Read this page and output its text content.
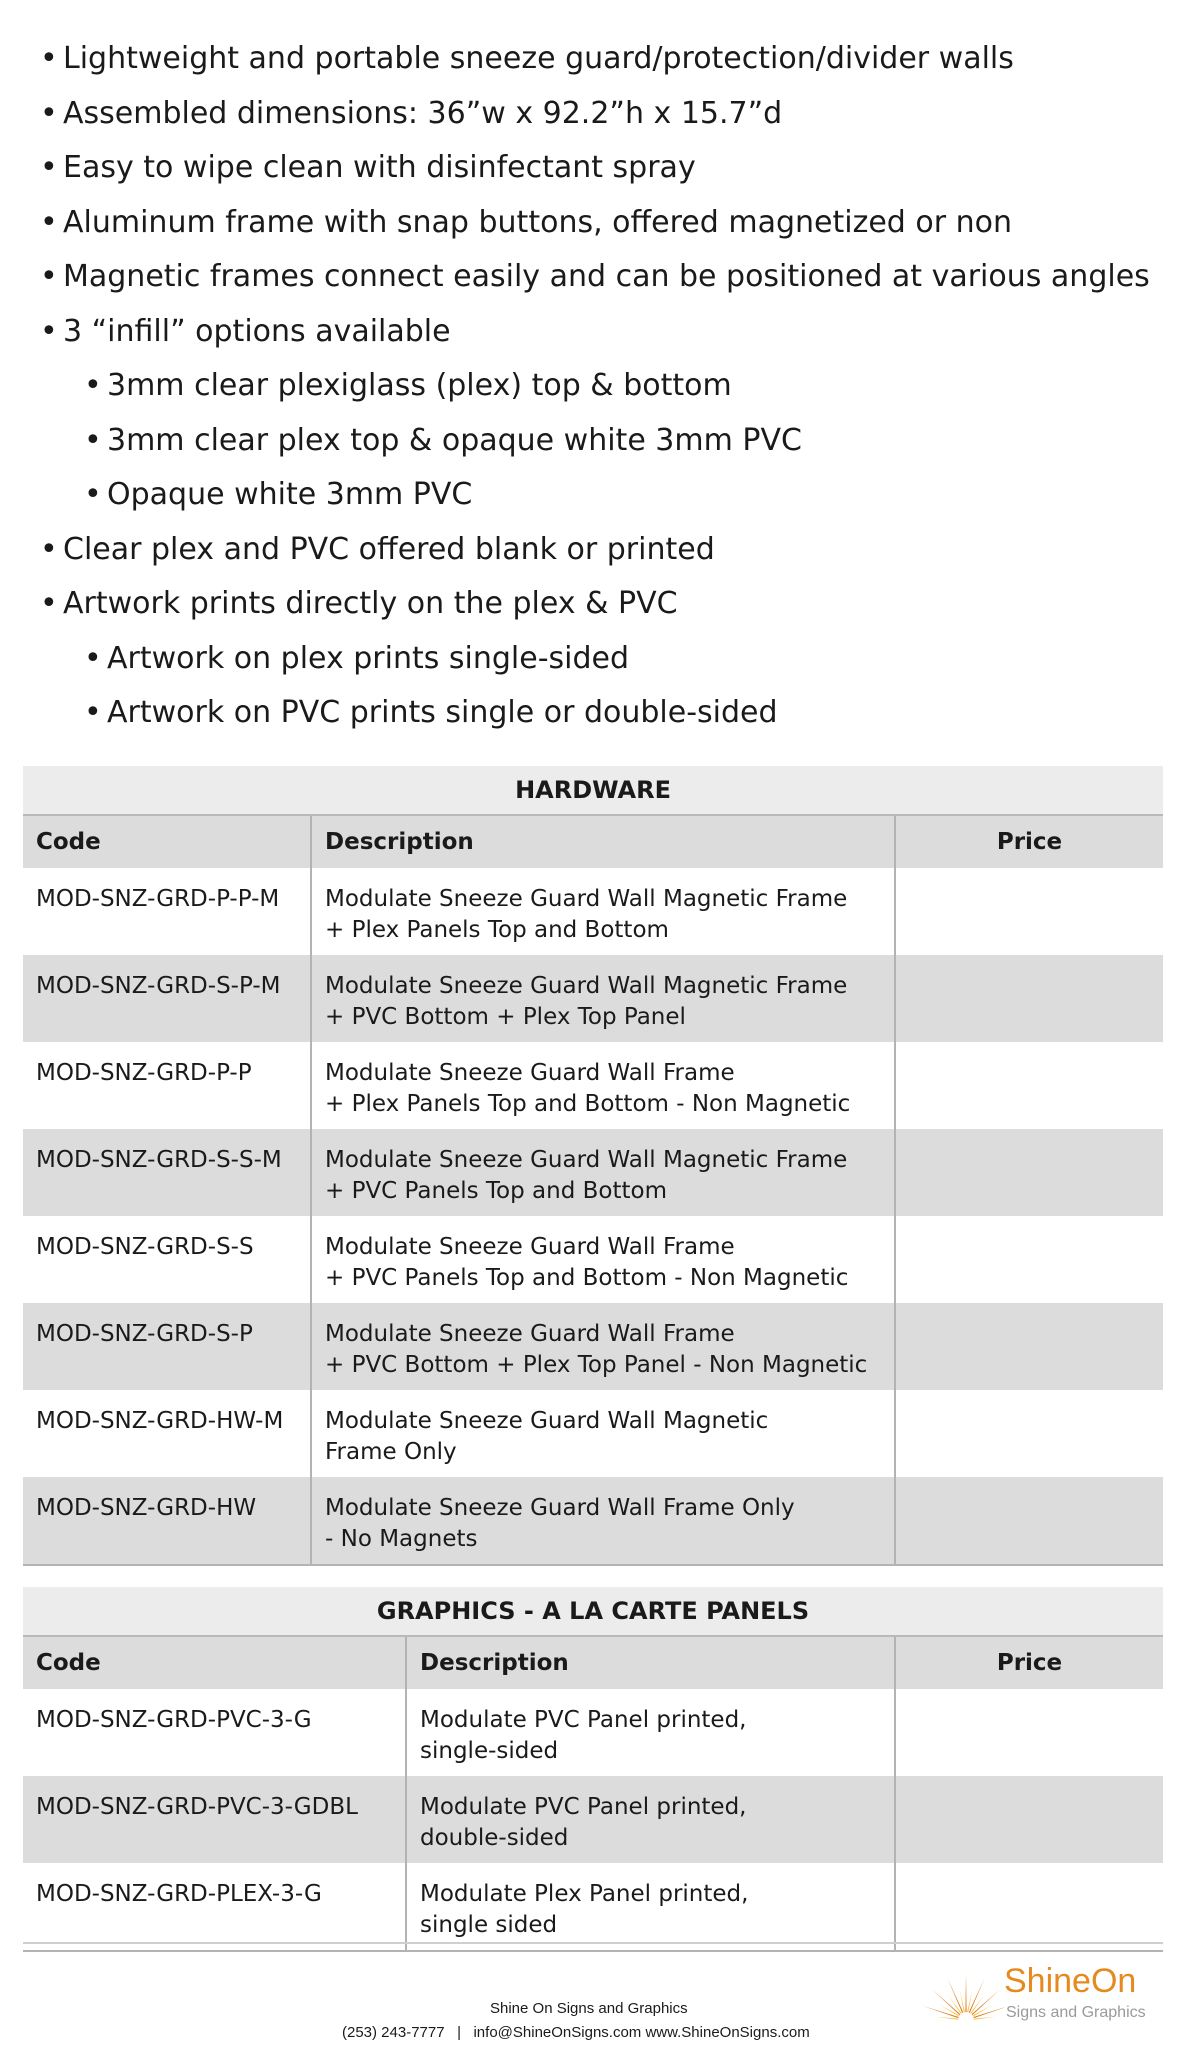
• Lightweight and portable sneeze guard/protection/divider walls
• Assembled dimensions: 36”w x 92.2”h x 15.7”d
• Easy to wipe clean with disinfectant spray
• Aluminum frame with snap buttons, offered magnetized or non
• Magnetic frames connect easily and can be positioned at various angles
• 3 “infill” options available
• 3mm clear plexiglass (plex) top & bottom
• 3mm clear plex top & opaque white 3mm PVC
• Opaque white 3mm PVC
• Clear plex and PVC offered blank or printed
• Artwork prints directly on the plex & PVC
• Artwork on plex prints single-sided
• Artwork on PVC prints single or double-sided
HARDWARE		
Code	Description	Price
MOD-SNZ-GRD-P-P-M	Modulate Sneeze Guard Wall Magnetic Frame
+ Plex Panels Top and Bottom	

MOD-SNZ-GRD-S-P-M	Modulate Sneeze Guard Wall Magnetic Frame
+ PVC Bottom + Plex Top Panel	

MOD-SNZ-GRD-P-P	Modulate Sneeze Guard Wall Frame
+ Plex Panels Top and Bottom - Non Magnetic	

MOD-SNZ-GRD-S-S-M	Modulate Sneeze Guard Wall Magnetic Frame
+ PVC Panels Top and Bottom	

MOD-SNZ-GRD-S-S	Modulate Sneeze Guard Wall Frame
+ PVC Panels Top and Bottom - Non Magnetic	

MOD-SNZ-GRD-S-P	Modulate Sneeze Guard Wall Frame
+ PVC Bottom + Plex Top Panel - Non Magnetic	

MOD-SNZ-GRD-HW-M	Modulate Sneeze Guard Wall Magnetic
Frame Only	

MOD-SNZ-GRD-HW	Modulate Sneeze Guard Wall Frame Only
- No Magnets	

GRAPHICS - A LA CARTE PANELS		
Code	Description	Price
MOD-SNZ-GRD-PVC-3-G	Modulate PVC Panel printed,
single-sided	

MOD-SNZ-GRD-PVC-3-GDBL	Modulate PVC Panel printed,
double-sided	

MOD-SNZ-GRD-PLEX-3-G	Modulate Plex Panel printed,
single sided	

Shine On Signs and Graphics
(253) 243-7777   |   info@ShineOnSigns.com www.ShineOnSigns.com
ShineOn
Signs and Graphics
